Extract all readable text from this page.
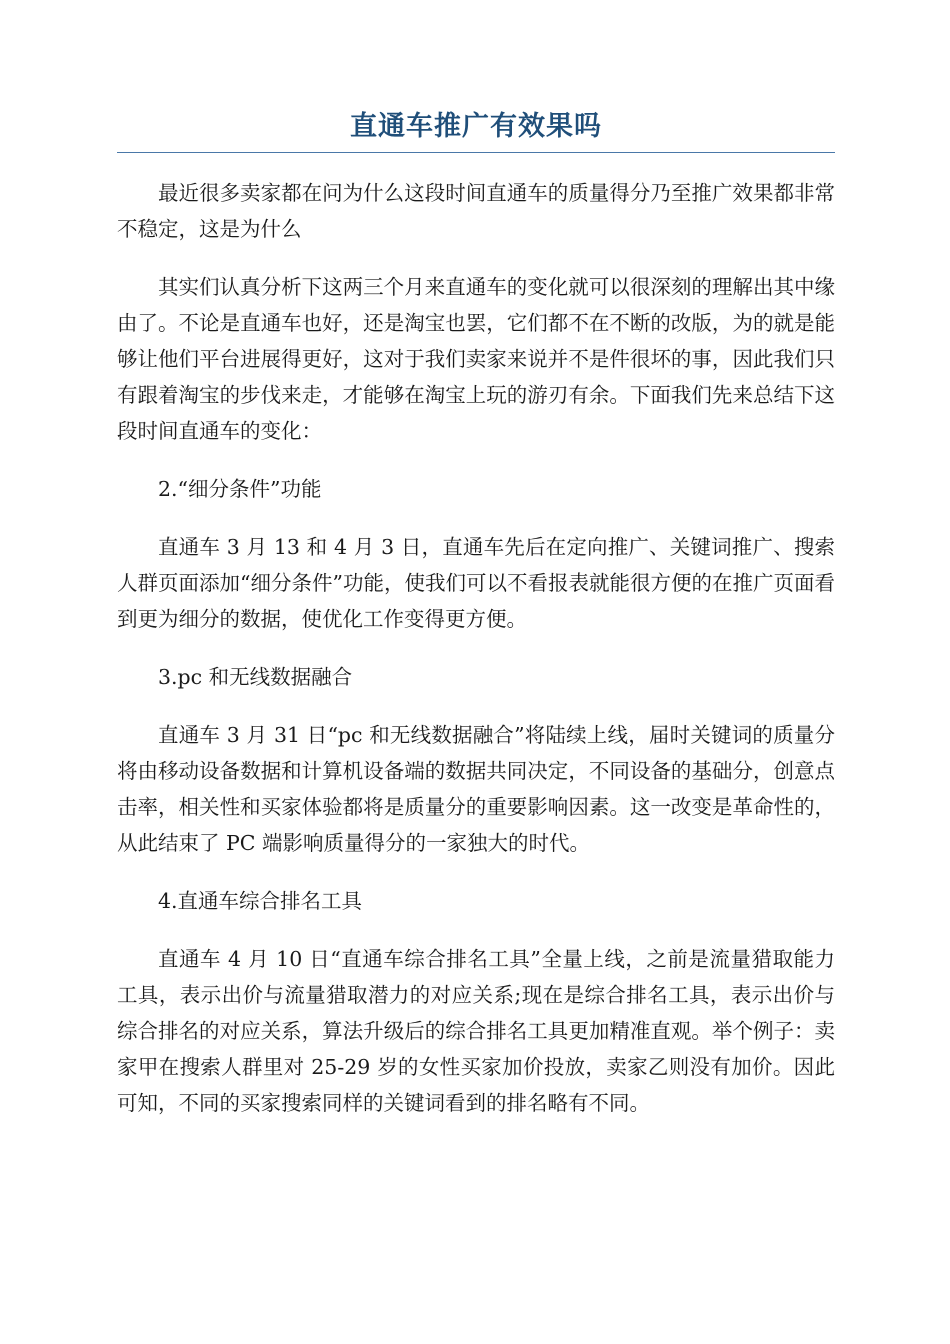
直通车推广有效果吗

最近很多卖家都在问为什么这段时间直通车的质量得分乃至推广效果都非常不稳定，这是为什么

其实们认真分析下这两三个月来直通车的变化就可以很深刻的理解出其中缘由了。不论是直通车也好，还是淘宝也罢，它们都不在不断的改版，为的就是能够让他们平台进展得更好，这对于我们卖家来说并不是件很坏的事，因此我们只有跟着淘宝的步伐来走，才能够在淘宝上玩的游刃有余。下面我们先来总结下这段时间直通车的变化：

2.“细分条件”功能

直通车 3 月 13 和 4 月 3 日，直通车先后在定向推广、关键词推广、搜索人群页面添加“细分条件”功能，使我们可以不看报表就能很方便的在推广页面看到更为细分的数据，使优化工作变得更方便。

3.pc 和无线数据融合

直通车 3 月 31 日“pc 和无线数据融合”将陆续上线，届时关键词的质量分将由移动设备数据和计算机设备端的数据共同决定，不同设备的基础分，创意点击率，相关性和买家体验都将是质量分的重要影响因素。这一改变是革命性的，从此结束了 PC 端影响质量得分的一家独大的时代。

4.直通车综合排名工具

直通车 4 月 10 日“直通车综合排名工具”全量上线，之前是流量猎取能力工具，表示出价与流量猎取潜力的对应关系;现在是综合排名工具，表示出价与综合排名的对应关系，算法升级后的综合排名工具更加精准直观。举个例子：卖家甲在搜索人群里对 25-29 岁的女性买家加价投放，卖家乙则没有加价。因此可知，不同的买家搜索同样的关键词看到的排名略有不同。
